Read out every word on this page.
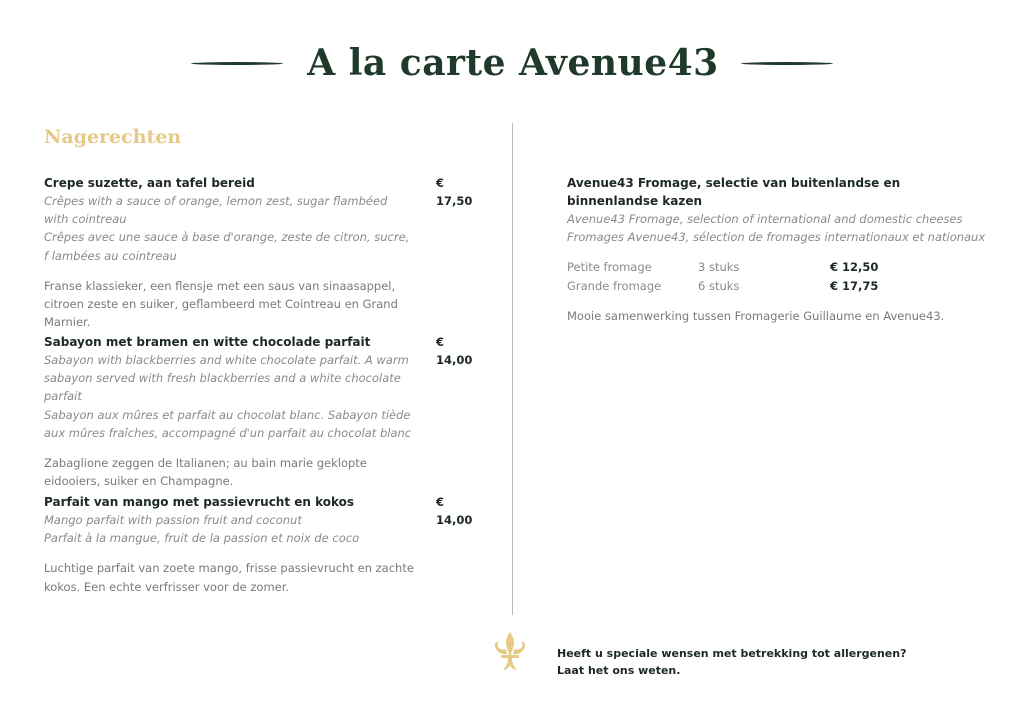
A la carte Avenue43
Nagerechten
Crepe suzette, aan tafel bereid	€ 17,50
Crêpes with a sauce of orange, lemon zest, sugar flambéed with cointreau
Crêpes avec une sauce à base d'orange, zeste de citron, sucre, f lambées au cointreau
Franse klassieker, een flensje met een saus van sinaasappel, citroen zeste en suiker, geflambeerd met Cointreau en Grand Marnier.
Sabayon met bramen en witte chocolade parfait	€ 14,00
Sabayon with blackberries and white chocolate parfait. A warm sabayon served with fresh blackberries and a white chocolate parfait
Sabayon aux mûres et parfait au chocolat blanc. Sabayon tiède aux mûres fraîches, accompagné d'un parfait au chocolat blanc
Zabaglione zeggen de Italianen; au bain marie geklopte eidooiers, suiker en Champagne.
Parfait van mango met passievrucht en kokos	€ 14,00
Mango parfait with passion fruit and coconut
Parfait à la mangue, fruit de la passion et noix de coco
Luchtige parfait van zoete mango, frisse passievrucht en zachte kokos. Een echte verfrisser voor de zomer.
Avenue43 Fromage, selectie van buitenlandse en binnenlandse kazen
Avenue43 Fromage, selection of international and domestic cheeses
Fromages Avenue43, sélection de fromages internationaux et nationaux
Petite fromage	3 stuks	€ 12,50
Grande fromage	6 stuks	€ 17,75
Mooie samenwerking tussen Fromagerie Guillaume en Avenue43.
Heeft u speciale wensen met betrekking tot allergenen?
Laat het ons weten.
